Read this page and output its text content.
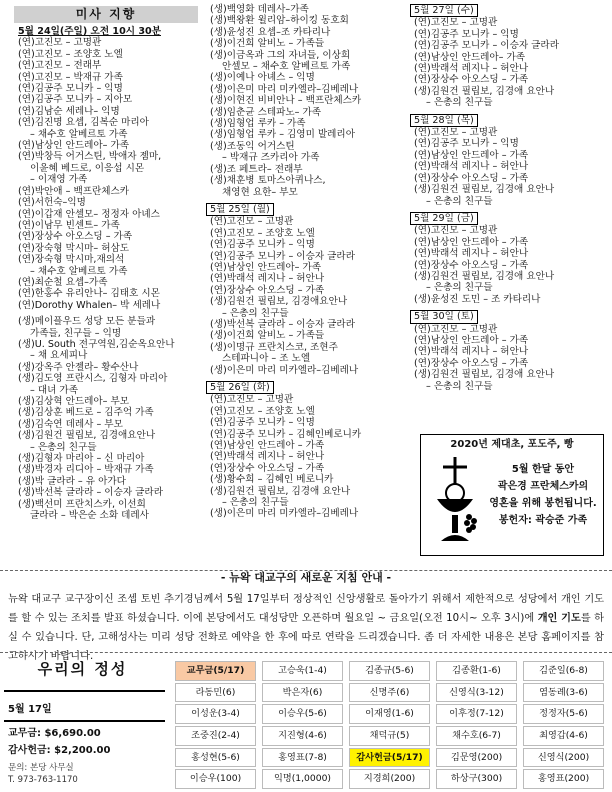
미사 지향
5월 24일(주일) 오전 10시 30분
(연)고진모 – 고명관
(연)고진모 – 조양호 노엘
(연)고진모 – 전래부
(연)고진모 – 박재규 가족
(연)김공주 모니카 – 익명
(연)김공주 모니카 – 지아모
(연)김남순 세레나– 익명
(연)김진명 요셉, 김복순 마리아
– 채수호 알베르토 가족
(연)남상인 안드레아– 가족
(연)박창득 어거스틴, 박애자 젬마,
이윤혜 베드로, 이응섭 시몬
– 이재영 가족
(연)박안애 – 백프란체스카
(연)서헌숙–익명
(연)이갑재 안셀모– 정정자 아녜스
(연)이남무 빈센트– 가족
(연)장상수 아오스딩 – 가족
(연)장숙형 막시마– 허삼도
(연)장숙형 막시마,재의석
– 채수호 알베르토 가족
(연)최순철 요셉–가족
(연)한홍수 유리안나– 김태호 시몬
(연)Dorothy Whalen– 박 세레나
(생)메이플우드 성당 모든 분들과
가족들, 친구들 – 익명
(생)U. South 전구역원,김순옥요안나
– 채 요세피나
(생)강옥주 안젤라– 황수산나
(생)김도영 프란시스, 김형자 마리아
– 대녀 가족
(생)김상혁 안드레아– 부모
(생)김상훈 베드로 – 김주억 가족
(생)김숙연 데레사 – 부모
(생)김원건 필립보, 김경애요안나
– 은총의 친구들
(생)김형자 마리아 – 신 마리아
(생)박경자 리디아 – 박재규 가족
(생)박 글라라 – 유 아가다
(생)박선복 글라라 – 이승자 글라라
(생)백선미 프란치스카, 이선희
글라라 – 박은순 소화 데레사
(생)백영화 데레사–가족
(생)백왕환 윌리암–하이킹 동호회
(생)윤성진 요셉–조 카타리나
(생)이건희 알비노 – 가족들
(생)이금옥과 그의 자녀들, 이상희
안셀모 – 채수호 알베르토 가족
(생)이예나 아녜스 – 익명
(생)이은미 마리 미카엘라–김베레나
(생)이현진 비비안나 – 백프란체스카
(생)임춘균 스테파노– 가족
(생)임형업 루카 – 가족
(생)임형업 루카 – 김영미 발레리아
(생)조동익 어거스틴
– 박재규 즈카리아 가족
(생)조 페트라– 전래부
(생)채훈병 토마스아퀴나스,
채영현 요한– 부모
5월 25일 (월)
(연)고진모 – 고명관
(연)고진모 – 조양호 노엘
(연)김공주 모니카 – 익명
(연)김공주 모니카 – 이승자 글라라
(연)남상인 안드레아– 가족
(연)박래석 레지나 – 허안나
(연)장상수 아오스딩 – 가족
(생)김원건 필립보, 김경애요안나
– 은총의 친구들
(생)박선복 글라라 – 이승자 글라라
(생)이건희 알비노 – 가족들
(생)이명규 프란치스코, 조현주
스테파니아 – 조 노엘
(생)이은미 마리 미카엘라–김베레나
5월 26일 (화)
(연)고진모 – 고명관
(연)고진모 – 조양호 노엘
(연)김공주 모니카 – 익명
(연)김공주 모니카 – 김혜인베로니카
(연)남상인 안드레아 – 가족
(연)박래석 레지나 – 허안나
(연)장상수 아오스딩 – 가족
(생)황수희 – 김혜인 베로니카
(생)김원건 필립보, 김경애 요안나
– 은총의 친구들
(생)이은미 마리 미카엘라–김베레나
5월 27일 (수)
(연)고진모 – 고명관
(연)김공주 모니카 – 익명
(연)김공주 모니카 – 이승자 글라라
(연)남상인 안드레아– 가족
(연)박래석 레지나 – 허안나
(연)장상수 아오스딩 – 가족
(생)김원건 필립보, 김경애 요안나
– 은총의 친구들
5월 28일 (목)
(연)고진모 – 고명관
(연)김공주 모니카 – 익명
(연)남상인 안드레아 – 가족
(연)박래석 레지나 – 허안나
(연)장상수 아오스딩 – 가족
(생)김원건 필립보, 김경애 요안나
– 은총의 친구들
5월 29일 (금)
(연)고진모 – 고명관
(연)남상인 안드레아 – 가족
(연)박래석 레지나 – 허안나
(연)장상수 아오스딩 – 가족
(생)김원건 필립보, 김경애 요안나
– 은총의 친구들
(생)윤성진 도민 – 조 카타리나
5월 30일 (토)
(연)고진모 – 고명관
(연)남상인 안드레아 – 가족
(연)박래석 레지나 – 허안나
(연)장상수 아오스딩 – 가족
(생)김원건 필립보, 김경애 요안나
– 은총의 친구들
2020년 제대초, 포도주, 빵
5월 한달 동안
곽은경 프란체스카의
영혼을 위해 봉헌됩니다.
봉헌자: 곽승준 가족
- 뉴왁 대교구의 새로운 지침 안내 -
뉴왁 대교구 교구장이신 조셉 토빈 추기경님께서 5월 17일부터 정상적인 신앙생활로 돌아가기 위해서 제한적으로 성당에서 개인 기도를 할 수 있는 조치를 발표 하셨습니다. 이에 본당에서도 대성당만 오픈하며 월요일 ~ 금요일(오전 10시~ 오후 3시)에 개인 기도를 하실 수 있습니다. 단, 고해성사는 미리 성당 전화로 예약을 한 후에 따로 연락을 드리겠습니다. 좀 더 자세한 내용은 본당 홈페이지를 참고하시기 바랍니다.
우리의 정성
5월 17일
교무금: $6,690.00
감사헌금: $2,200.00
문의: 본당 사무실
T. 973-763-1170
교무금(5/17)	고승욱(1-4)	김종규(5-6)	김종환(1-6)	김준일(6-8)
라동민(6)	박은자(6)	신명주(6)	신영식(3-12)	염동례(3-6)
이성운(3-4)	이승우(5-6)	이재영(1-6)	이후정(7-12)	정정자(5-6)
조중진(2-4)	지진형(4-6)	채덕규(5)	채수호(6-7)	최영갑(4-6)
홍성현(5-6)	홍영표(7-8)	감사헌금(5/17)	김문영(200)	신영식(200)
이승우(100)	익명(1,0000)	지경희(200)	하상구(300)	홍영표(200)
